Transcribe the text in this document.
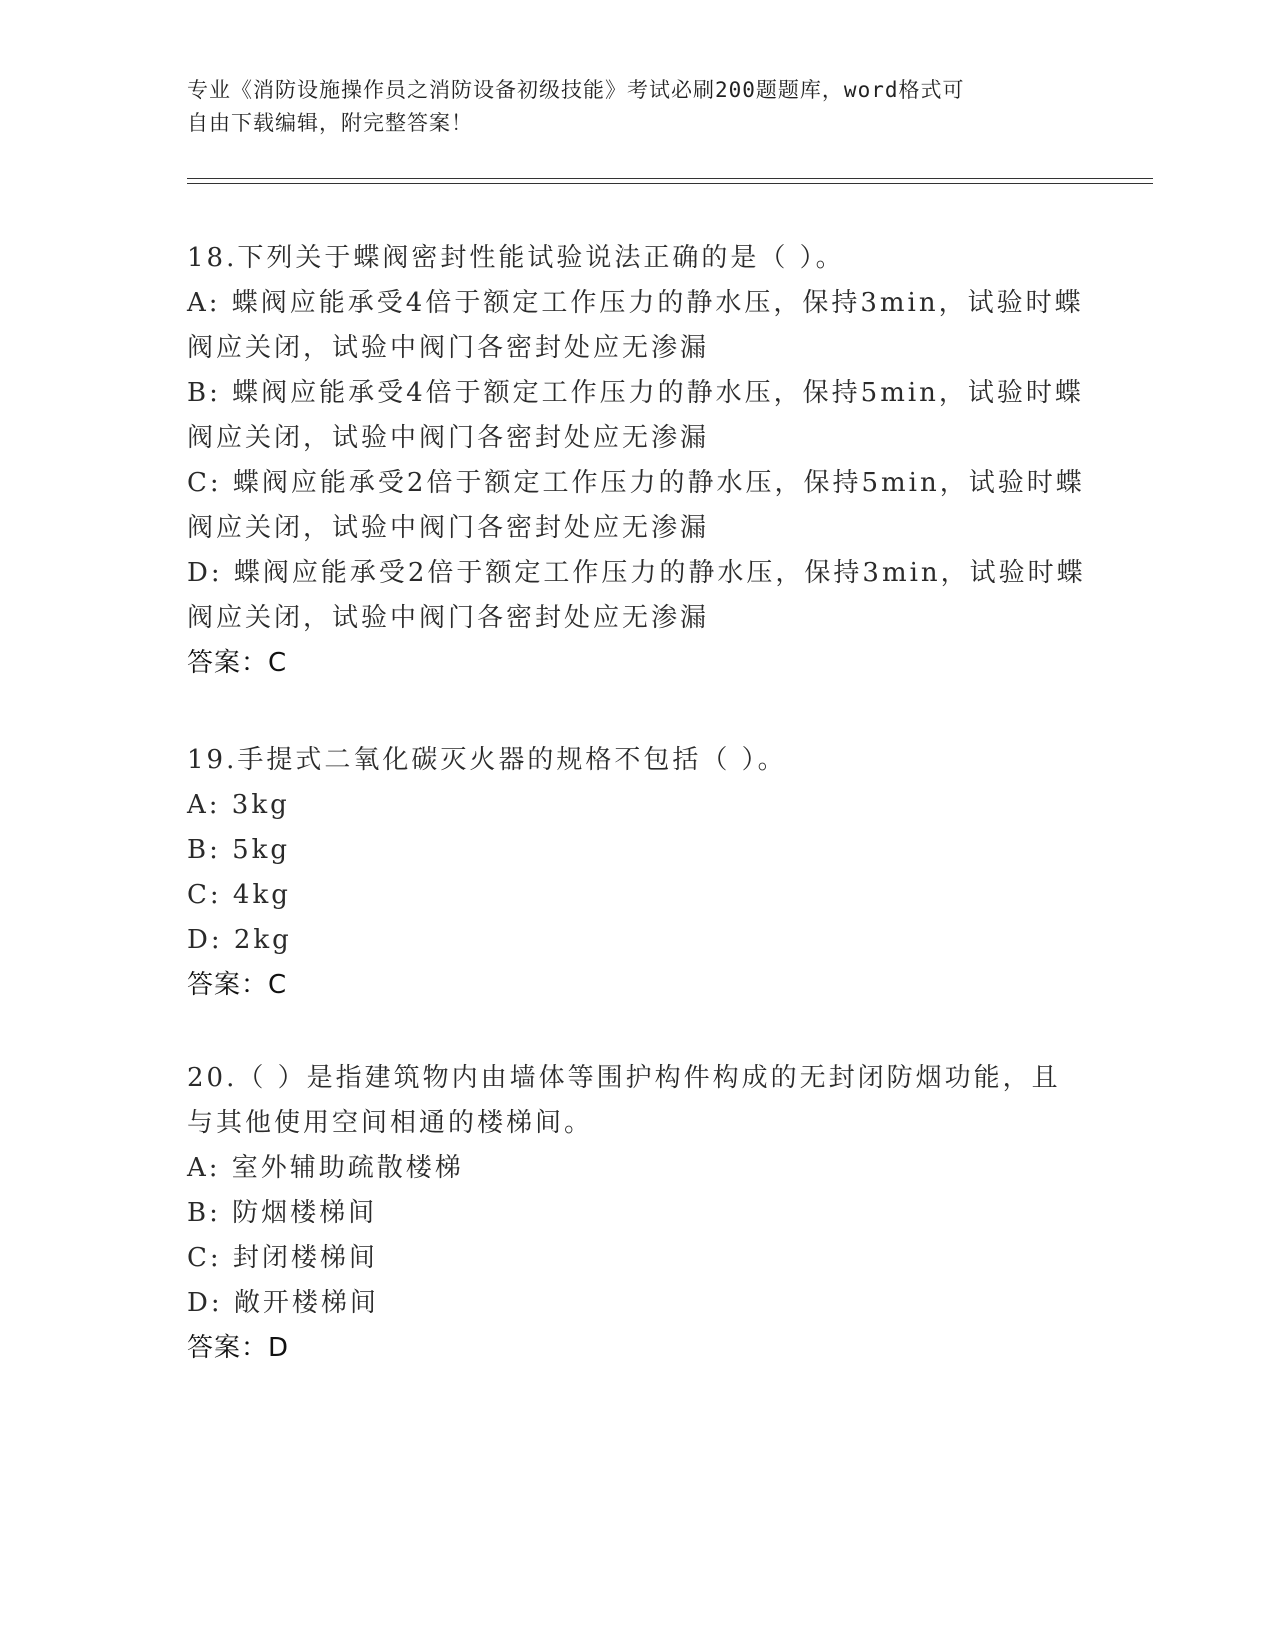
专业《消防设施操作员之消防设备初级技能》考试必刷200题题库，word格式可
自由下载编辑，附完整答案！

18.下列关于蝶阀密封性能试验说法正确的是（ ）。

A: 蝶阀应能承受4倍于额定工作压力的静水压，保持3min，试验时蝶阀应关闭，试验中阀门各密封处应无渗漏

B: 蝶阀应能承受4倍于额定工作压力的静水压，保持5min，试验时蝶阀应关闭，试验中阀门各密封处应无渗漏

C: 蝶阀应能承受2倍于额定工作压力的静水压，保持5min，试验时蝶阀应关闭，试验中阀门各密封处应无渗漏

D: 蝶阀应能承受2倍于额定工作压力的静水压，保持3min，试验时蝶阀应关闭，试验中阀门各密封处应无渗漏

答案：C

19.手提式二氧化碳灭火器的规格不包括（ ）。

A: 3kg

B: 5kg

C: 4kg

D: 2kg

答案：C

20.（ ）是指建筑物内由墙体等围护构件构成的无封闭防烟功能，且与其他使用空间相通的楼梯间。

A: 室外辅助疏散楼梯

B: 防烟楼梯间

C: 封闭楼梯间

D: 敞开楼梯间

答案：D
